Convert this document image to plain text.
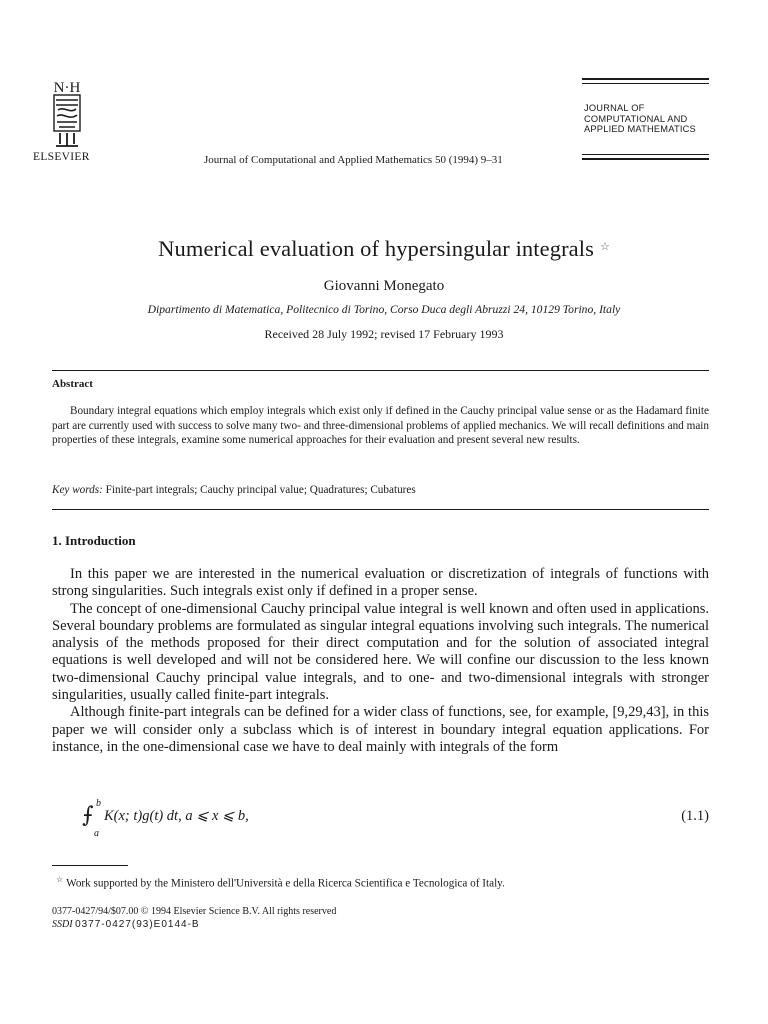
N·H
ELSEVIER	Journal of Computational and Applied Mathematics 50 (1994) 9–31
JOURNAL OF
COMPUTATIONAL AND
APPLIED MATHEMATICS
Numerical evaluation of hypersingular integrals ☆
Giovanni Monegato
Dipartimento di Matematica, Politecnico di Torino, Corso Duca degli Abruzzi 24, 10129 Torino, Italy
Received 28 July 1992; revised 17 February 1993
Abstract
Boundary integral equations which employ integrals which exist only if defined in the Cauchy principal value sense or as the Hadamard finite part are currently used with success to solve many two- and three-dimensional problems of applied mechanics. We will recall definitions and main properties of these integrals, examine some numerical approaches for their evaluation and present several new results.
Key words: Finite-part integrals; Cauchy principal value; Quadratures; Cubatures
1. Introduction

In this paper we are interested in the numerical evaluation or discretization of integrals of functions with strong singularities. Such integrals exist only if defined in a proper sense.

The concept of one-dimensional Cauchy principal value integral is well known and often used in applications. Several boundary problems are formulated as singular integral equations involving such integrals. The numerical analysis of the methods proposed for their direct computation and for the solution of associated integral equations is well developed and will not be considered here. We will confine our discussion to the less known two-dimensional Cauchy principal value integrals, and to one- and two-dimensional integrals with stronger singularities, usually called finite-part integrals.

Although finite-part integrals can be defined for a wider class of functions, see, for example, [9,29,43], in this paper we will consider only a subclass which is of interest in boundary integral equation applications. For instance, in the one-dimensional case we have to deal mainly with integrals of the form

⨍ b
a
K(x; t)g(t) dt, a ⩽ x ⩽ b,	(1.1)
☆ Work supported by the Ministero dell'Università e della Ricerca Scientifica e Tecnologica of Italy.
0377-0427/94/$07.00 © 1994 Elsevier Science B.V. All rights reserved
SSDI 0377-0427(93)E0144-B
